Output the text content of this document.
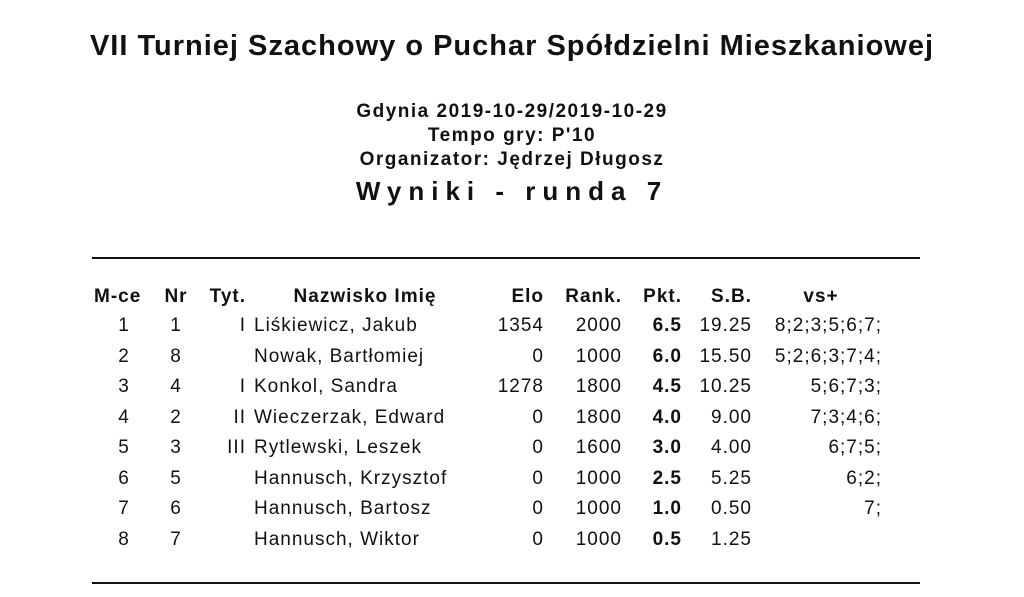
VII Turniej Szachowy o Puchar Spółdzielni Mieszkaniowej
Gdynia 2019-10-29/2019-10-29
Tempo gry: P'10
Organizator: Jędrzej Długosz
Wyniki - runda 7
M-ce	Nr	Tyt.	Nazwisko Imię	Elo	Rank.	Pkt.	S.B.	vs+
1	1	I	Liśkiewicz, Jakub	1354	2000	6.5	19.25	8;2;3;5;6;7;
2	8		Nowak, Bartłomiej	0	1000	6.0	15.50	5;2;6;3;7;4;
3	4	I	Konkol, Sandra	1278	1800	4.5	10.25	5;6;7;3;
4	2	II	Wieczerzak, Edward	0	1800	4.0	9.00	7;3;4;6;
5	3	III	Rytlewski, Leszek	0	1600	3.0	4.00	6;7;5;
6	5		Hannusch, Krzysztof	0	1000	2.5	5.25	6;2;
7	6		Hannusch, Bartosz	0	1000	1.0	0.50	7;
8	7		Hannusch, Wiktor	0	1000	0.5	1.25	
